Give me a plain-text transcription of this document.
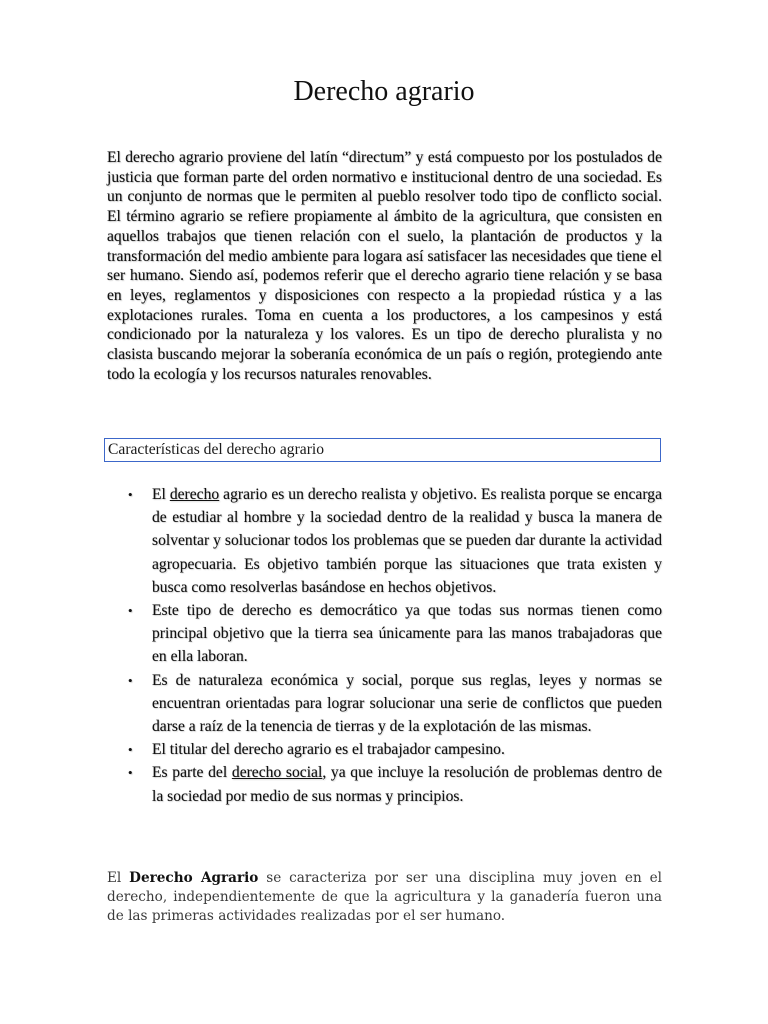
Derecho agrario

El derecho agrario proviene del latín “directum” y está compuesto por los postulados de justicia que forman parte del orden normativo e institucional dentro de una sociedad. Es un conjunto de normas que le permiten al pueblo resolver todo tipo de conflicto social. El término agrario se refiere propiamente al ámbito de la agricultura, que consisten en aquellos trabajos que tienen relación con el suelo, la plantación de productos y la transformación del medio ambiente para logara así satisfacer las necesidades que tiene el ser humano. Siendo así, podemos referir que el derecho agrario tiene relación y se basa en leyes, reglamentos y disposiciones con respecto a la propiedad rústica y a las explotaciones rurales. Toma en cuenta a los productores, a los campesinos y está condicionado por la naturaleza y los valores. Es un tipo de derecho pluralista y no clasista buscando mejorar la soberanía económica de un país o región, protegiendo ante todo la ecología y los recursos naturales renovables.

Características del derecho agrario
• El derecho agrario es un derecho realista y objetivo. Es realista porque se encarga de estudiar al hombre y la sociedad dentro de la realidad y busca la manera de solventar y solucionar todos los problemas que se pueden dar durante la actividad agropecuaria. Es objetivo también porque las situaciones que trata existen y busca como resolverlas basándose en hechos objetivos.
• Este tipo de derecho es democrático ya que todas sus normas tienen como principal objetivo que la tierra sea únicamente para las manos trabajadoras que en ella laboran.
• Es de naturaleza económica y social, porque sus reglas, leyes y normas se encuentran orientadas para lograr solucionar una serie de conflictos que pueden darse a raíz de la tenencia de tierras y de la explotación de las mismas.
• El titular del derecho agrario es el trabajador campesino.
• Es parte del derecho social, ya que incluye la resolución de problemas dentro de la sociedad por medio de sus normas y principios.
El Derecho Agrario se caracteriza por ser una disciplina muy joven en el derecho, independientemente de que la agricultura y la ganadería fueron una de las primeras actividades realizadas por el ser humano.
